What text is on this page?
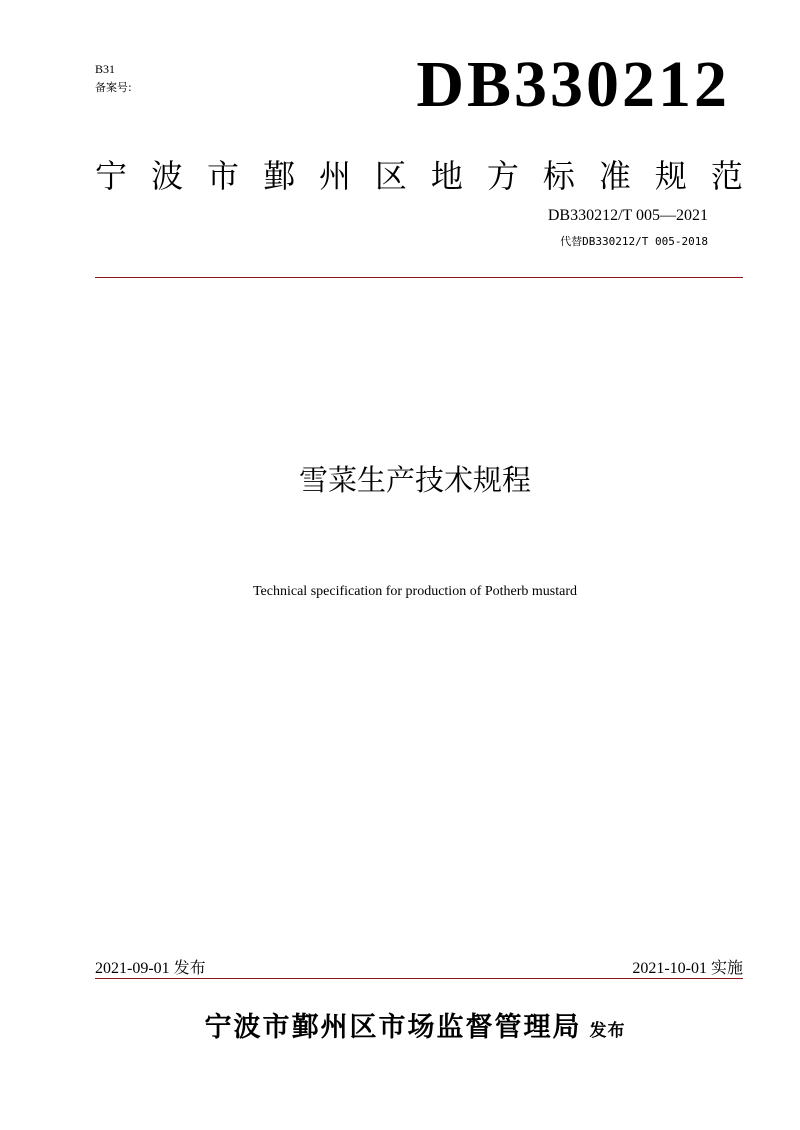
B31
备案号:	DB330212
宁 波 市 鄞 州 区 地 方 标 准 规 范
DB330212/T 005—2021
代替DB330212/T 005-2018
雪菜生产技术规程
Technical specification for production of Potherb mustard
2021-09-01 发布	2021-10-01 实施
宁波市鄞州区市场监督管理局 发布
